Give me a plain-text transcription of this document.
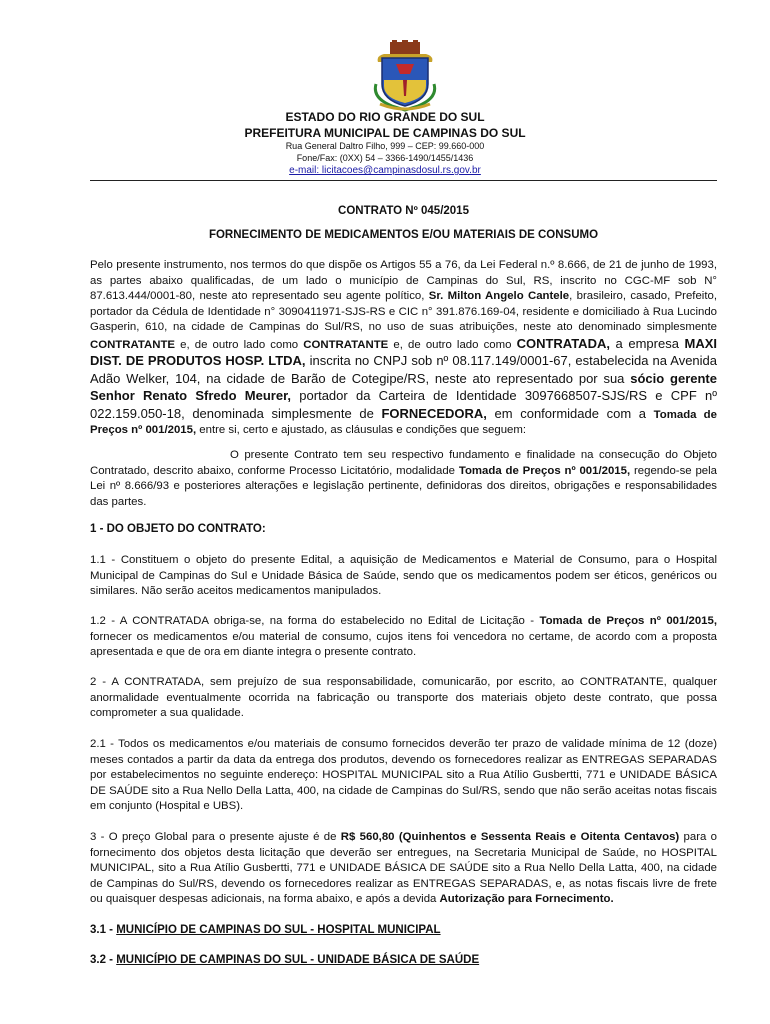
ESTADO DO RIO GRANDE DO SUL
PREFEITURA MUNICIPAL DE CAMPINAS DO SUL
Rua General Daltro Filho, 999 – CEP: 99.660-000
Fone/Fax: (0XX) 54 – 3366-1490/1455/1436
e-mail: licitacoes@campinasdosul.rs.gov.br
CONTRATO Nº 045/2015
FORNECIMENTO DE MEDICAMENTOS E/OU MATERIAIS DE CONSUMO

Pelo presente instrumento, nos termos do que dispõe os Artigos 55 a 76, da Lei Federal n.º 8.666, de 21 de junho de 1993, as partes abaixo qualificadas, de um lado o município de Campinas do Sul, RS, inscrito no CGC-MF sob N° 87.613.444/0001-80, neste ato representado seu agente político, Sr. Milton Angelo Cantele, brasileiro, casado, Prefeito, portador da Cédula de Identidade n° 3090411971-SJS-RS e CIC n° 391.876.169-04, residente e domiciliado à Rua Lucindo Gasperin, 610, na cidade de Campinas do Sul/RS, no uso de suas atribuições, neste ato denominado simplesmente CONTRATANTE e, de outro lado como CONTRATANTE e, de outro lado como CONTRATADA, a empresa MAXI DIST. DE PRODUTOS HOSP. LTDA, inscrita no CNPJ sob nº 08.117.149/0001-67, estabelecida na Avenida Adão Welker, 104, na cidade de Barão de Cotegipe/RS, neste ato representado por sua sócio gerente Senhor Renato Sfredo Meurer, portador da Carteira de Identidade 3097668507-SJS/RS e CPF nº 022.159.050-18, denominada simplesmente de FORNECEDORA, em conformidade com a Tomada de Preços nº 001/2015, entre si, certo e ajustado, as cláusulas e condições que seguem:

O presente Contrato tem seu respectivo fundamento e finalidade na consecução do Objeto Contratado, descrito abaixo, conforme Processo Licitatório, modalidade Tomada de Preços nº 001/2015, regendo-se pela Lei nº 8.666/93 e posteriores alterações e legislação pertinente, definidoras dos direitos, obrigações e responsabilidades das partes.

1 - DO OBJETO DO CONTRATO:

1.1 - Constituem o objeto do presente Edital, a aquisição de Medicamentos e Material de Consumo, para o Hospital Municipal de Campinas do Sul e Unidade Básica de Saúde, sendo que os medicamentos podem ser éticos, genéricos ou similares. Não serão aceitos medicamentos manipulados.

1.2 - A CONTRATADA obriga-se, na forma do estabelecido no Edital de Licitação - Tomada de Preços nº 001/2015, fornecer os medicamentos e/ou material de consumo, cujos itens foi vencedora no certame, de acordo com a proposta apresentada e que de ora em diante integra o presente contrato.

2 - A CONTRATADA, sem prejuízo de sua responsabilidade, comunicarão, por escrito, ao CONTRATANTE, qualquer anormalidade eventualmente ocorrida na fabricação ou transporte dos materiais objeto deste contrato, que possa comprometer a sua qualidade.

2.1 - Todos os medicamentos e/ou materiais de consumo fornecidos deverão ter prazo de validade mínima de 12 (doze) meses contados a partir da data da entrega dos produtos, devendo os fornecedores realizar as ENTREGAS SEPARADAS por estabelecimentos no seguinte endereço: HOSPITAL MUNICIPAL sito a Rua Atílio Gusbertti, 771 e UNIDADE BÁSICA DE SAÚDE sito a Rua Nello Della Latta, 400, na cidade de Campinas do Sul/RS, sendo que não serão aceitas notas fiscais em conjunto (Hospital e UBS).

3 - O preço Global para o presente ajuste é de R$ 560,80 (Quinhentos e Sessenta Reais e Oitenta Centavos) para o fornecimento dos objetos desta licitação que deverão ser entregues, na Secretaria Municipal de Saúde, no HOSPITAL MUNICIPAL, sito a Rua Atílio Gusbertti, 771 e UNIDADE BÁSICA DE SAÚDE sito a Rua Nello Della Latta, 400, na cidade de Campinas do Sul/RS, devendo os fornecedores realizar as ENTREGAS SEPARADAS, e, as notas fiscais livre de frete ou quaisquer despesas adicionais, na forma abaixo, e após a devida Autorização para Fornecimento.

3.1 - MUNICÍPIO DE CAMPINAS DO SUL - HOSPITAL MUNICIPAL
3.2 - MUNICÍPIO DE CAMPINAS DO SUL - UNIDADE BÁSICA DE SAÚDE
